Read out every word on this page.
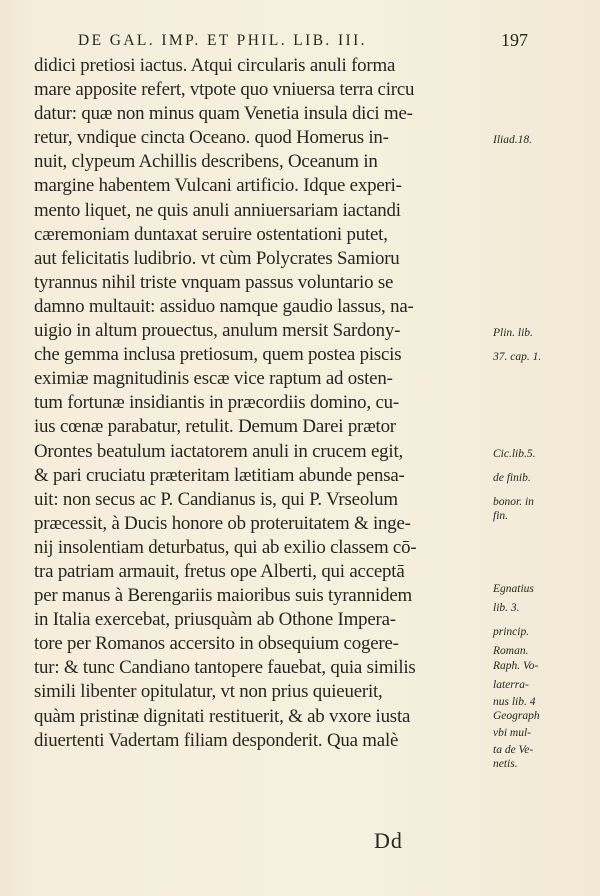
DE GAL. IMP. ET PHIL. LIB. III.	197
didici pretiosi iactus. Atqui circularis anuli forma
mare apposite refert, vtpote quo vniuersa terra circu
datur: quæ non minus quam Venetia insula dici me-
retur, vndique cincta Oceano. quod Homerus in-
nuit, clypeum Achillis describens, Oceanum in
margine habentem Vulcani artificio. Idque experi-
mento liquet, ne quis anuli anniuersariam iactandi
cæremoniam duntaxat seruire ostentationi putet,
aut felicitatis ludibrio. vt cùm Polycrates Samioru
tyrannus nihil triste vnquam passus voluntario se
damno multauit: assiduo namque gaudio lassus, na-
uigio in altum prouectus, anulum mersit Sardony-
che gemma inclusa pretiosum, quem postea piscis
eximiæ magnitudinis escæ vice raptum ad osten-
tum fortunæ insidiantis in præcordiis domino, cu-
ius cœnæ parabatur, retulit. Demum Darei prætor
Orontes beatulum iactatorem anuli in crucem egit,
& pari cruciatu præteritam lætitiam abunde pensa-
uit: non secus ac P. Candianus is, qui P. Vrseolum
præcessit, à Ducis honore ob proteruitatem & inge-
nij insolentiam deturbatus, qui ab exilio classem cō-
tra patriam armauit, fretus ope Alberti, qui acceptā
per manus à Berengariis maioribus suis tyrannidem
in Italia exercebat, priusquàm ab Othone Impera-
tore per Romanos accersito in obsequium cogere-
tur: & tunc Candiano tantopere fauebat, quia similis
simili libenter opitulatur, vt non prius quieuerit,
quàm pristinæ dignitati restituerit, & ab vxore iusta
diuertenti Vadertam filiam desponderit. Qua malè
Iliad.18.
Plin. lib.
37. cap. 1.
Cic.lib.5.
de finib.
bonor. in
fin.
Egnatius
lib. 3.
princip.
Roman.
Raph. Vo-
laterra-
nus lib. 4
Geograph
vbi mul-
ta de Ve-
netis.
Dd
